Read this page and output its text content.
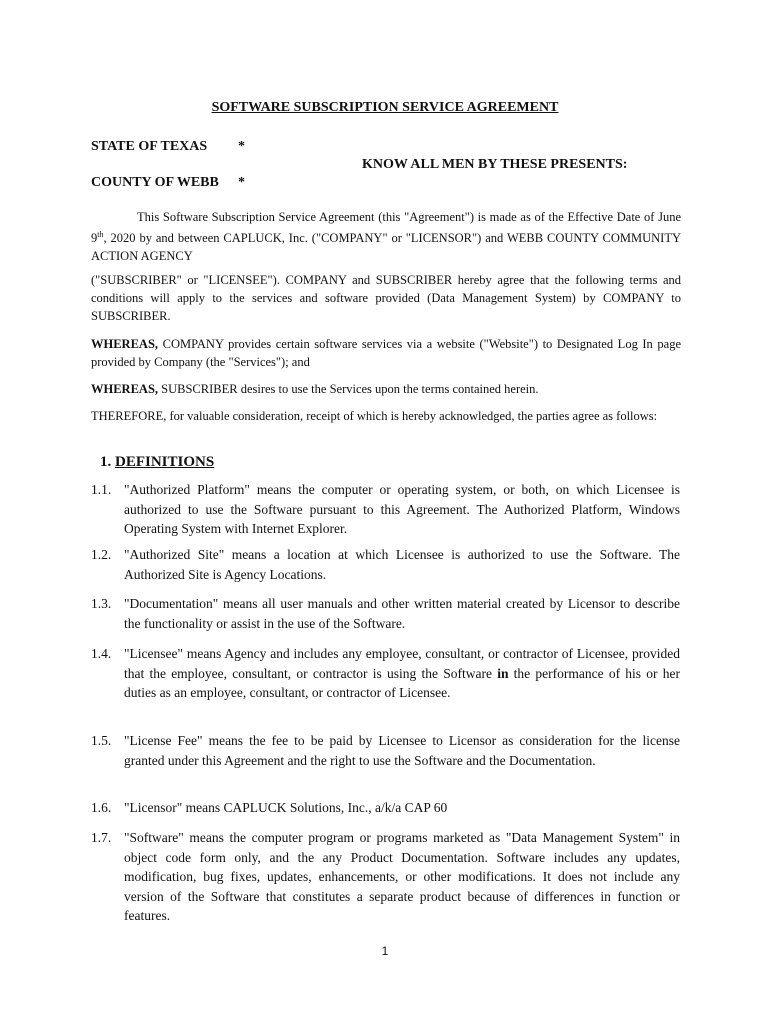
SOFTWARE SUBSCRIPTION SERVICE AGREEMENT
STATE OF TEXAS *
KNOW ALL MEN BY THESE PRESENTS:
COUNTY OF WEBB *
This Software Subscription Service Agreement (this "Agreement") is made as of the Effective Date of June 9th, 2020 by and between CAPLUCK, Inc. ("COMPANY" or "LICENSOR") and WEBB COUNTY COMMUNITY ACTION AGENCY
("SUBSCRIBER" or "LICENSEE"). COMPANY and SUBSCRIBER hereby agree that the following terms and conditions will apply to the services and software provided (Data Management System) by COMPANY to SUBSCRIBER.
WHEREAS, COMPANY provides certain software services via a website ("Website") to Designated Log In page provided by Company (the "Services"); and
WHEREAS, SUBSCRIBER desires to use the Services upon the terms contained herein.
THEREFORE, for valuable consideration, receipt of which is hereby acknowledged, the parties agree as follows:
1. DEFINITIONS
1.1. "Authorized Platform" means the computer or operating system, or both, on which Licensee is authorized to use the Software pursuant to this Agreement. The Authorized Platform, Windows Operating System with Internet Explorer.
1.2. "Authorized Site" means a location at which Licensee is authorized to use the Software. The Authorized Site is Agency Locations.
1.3. "Documentation" means all user manuals and other written material created by Licensor to describe the functionality or assist in the use of the Software.
1.4. "Licensee" means Agency and includes any employee, consultant, or contractor of Licensee, provided that the employee, consultant, or contractor is using the Software in the performance of his or her duties as an employee, consultant, or contractor of Licensee.
1.5. "License Fee" means the fee to be paid by Licensee to Licensor as consideration for the license granted under this Agreement and the right to use the Software and the Documentation.
1.6. "Licensor" means CAPLUCK Solutions, Inc., a/k/a CAP 60
1.7. "Software" means the computer program or programs marketed as "Data Management System" in object code form only, and the any Product Documentation. Software includes any updates, modification, bug fixes, updates, enhancements, or other modifications. It does not include any version of the Software that constitutes a separate product because of differences in function or features.
1
